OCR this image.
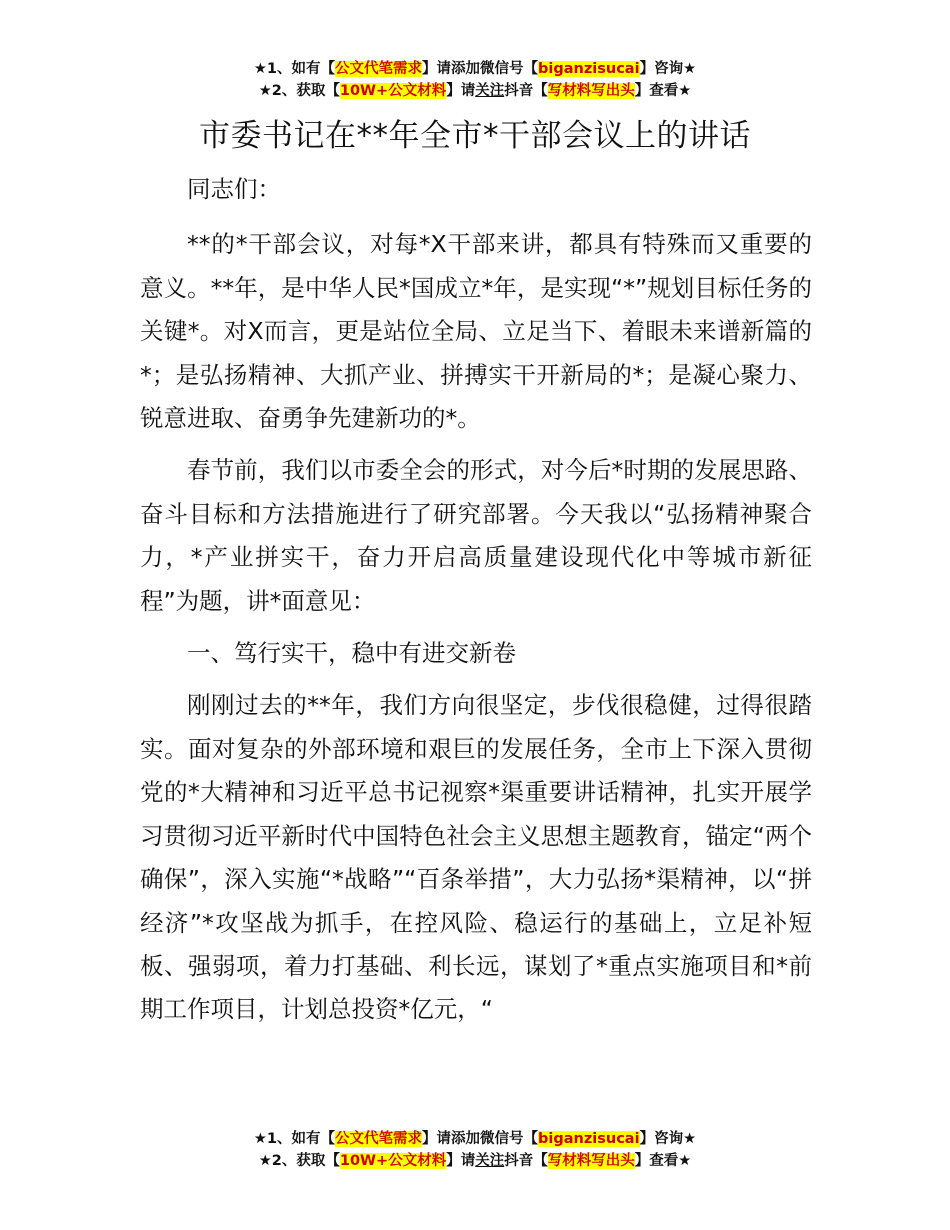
★1、如有【公文代笔需求】请添加微信号【biganzisucai】咨询★
★2、获取【10W+公文材料】请关注抖音【写材料写出头】查看★
市委书记在**年全市*干部会议上的讲话

同志们：

**的*干部会议，对每*X干部来讲，都具有特殊而又重要的意义。**年，是中华人民*国成立*年，是实现“*”规划目标任务的关键*。对X而言，更是站位全局、立足当下、着眼未来谱新篇的*；是弘扬精神、大抓产业、拼搏实干开新局的*；是凝心聚力、锐意进取、奋勇争先建新功的*。

春节前，我们以市委全会的形式，对今后*时期的发展思路、奋斗目标和方法措施进行了研究部署。今天我以“弘扬精神聚合力，*产业拼实干，奋力开启高质量建设现代化中等城市新征程”为题，讲*面意见：

一、笃行实干，稳中有进交新卷

刚刚过去的**年，我们方向很坚定，步伐很稳健，过得很踏实。面对复杂的外部环境和艰巨的发展任务，全市上下深入贯彻党的*大精神和习近平总书记视察*渠重要讲话精神，扎实开展学习贯彻习近平新时代中国特色社会主义思想主题教育，锚定“两个确保”，深入实施“*战略”“百条举措”，大力弘扬*渠精神，以“拼经济”*攻坚战为抓手，在控风险、稳运行的基础上，立足补短板、强弱项，着力打基础、利长远，谋划了*重点实施项目和*前期工作项目，计划总投资*亿元，“

★1、如有【公文代笔需求】请添加微信号【biganzisucai】咨询★
★2、获取【10W+公文材料】请关注抖音【写材料写出头】查看★
